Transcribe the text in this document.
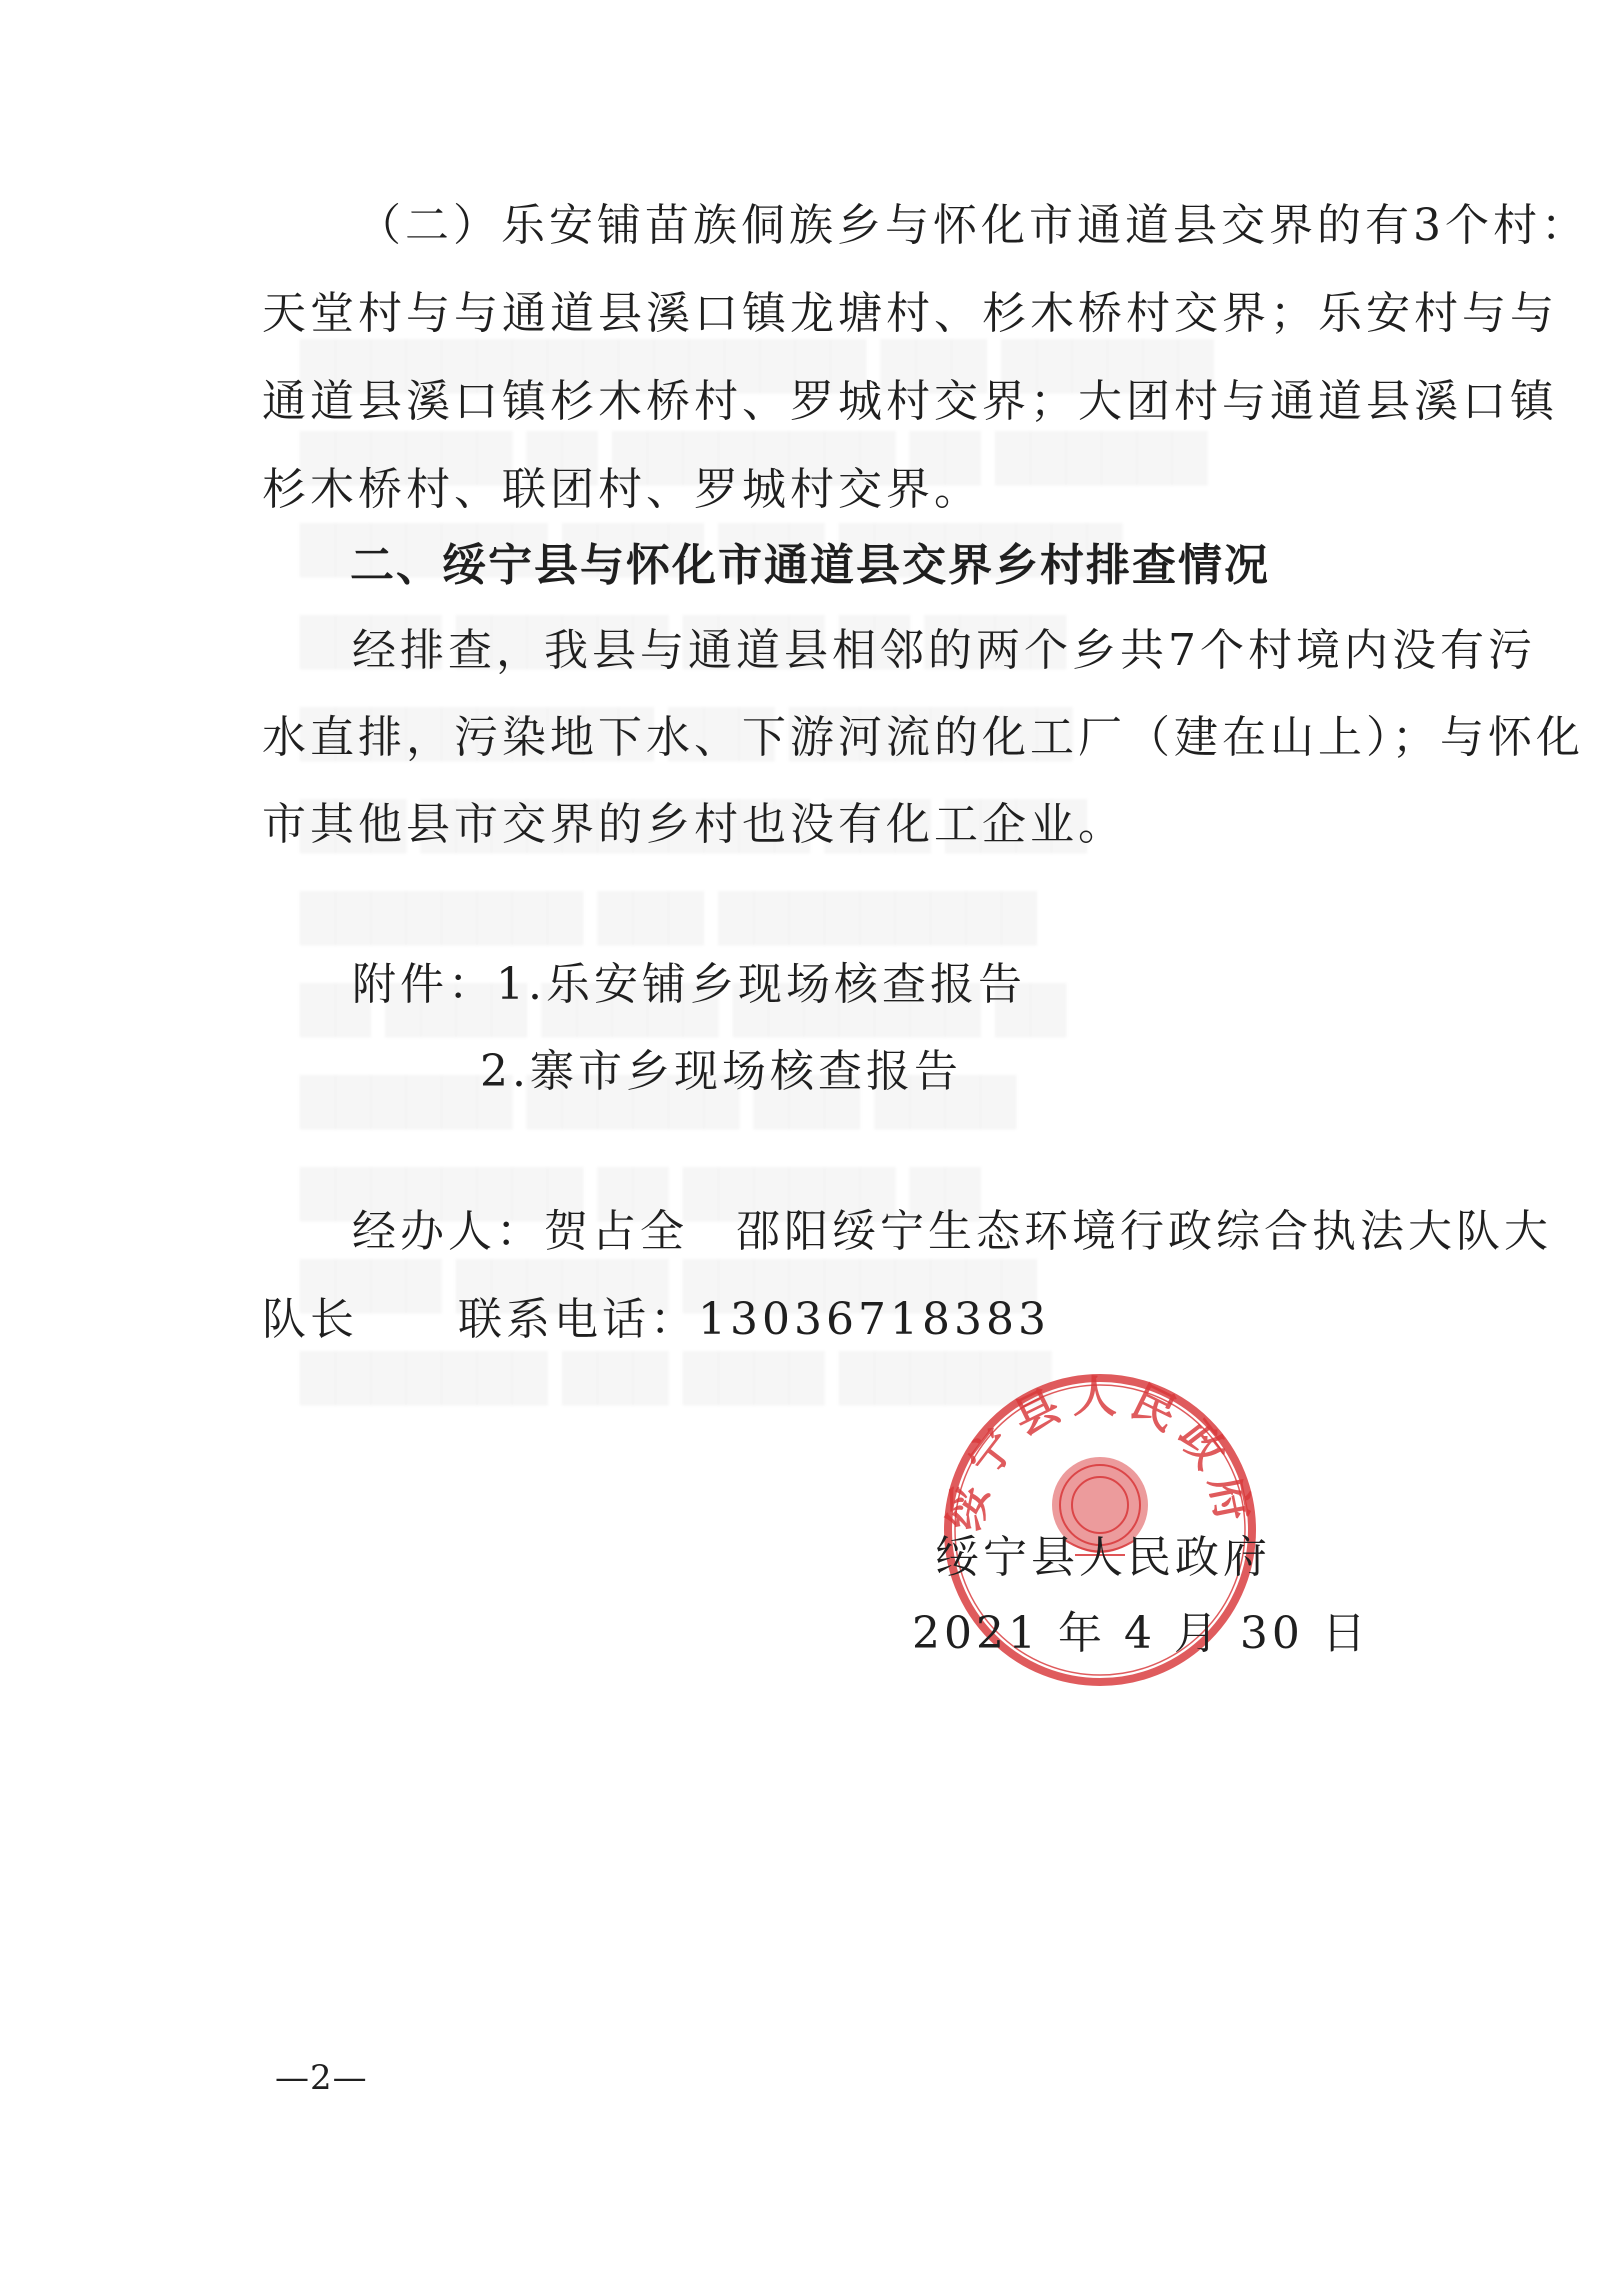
（二）乐安铺苗族侗族乡与怀化市通道县交界的有3个村：
天堂村与与通道县溪口镇龙塘村、杉木桥村交界；乐安村与与
通道县溪口镇杉木桥村、罗城村交界；大团村与通道县溪口镇
杉木桥村、联团村、罗城村交界。
二、绥宁县与怀化市通道县交界乡村排查情况
经排查，我县与通道县相邻的两个乡共7个村境内没有污
水直排，污染地下水、下游河流的化工厂（建在山上）；与怀化
市其他县市交界的乡村也没有化工企业。
附件：1.乐安铺乡现场核查报告
2.寨市乡现场核查报告
经办人：贺占全　邵阳绥宁生态环境行政综合执法大队大
队长 联系电话：13036718383
绥宁县人民政府
绥宁县人民政府
2021 年 4 月 30 日
—2—
